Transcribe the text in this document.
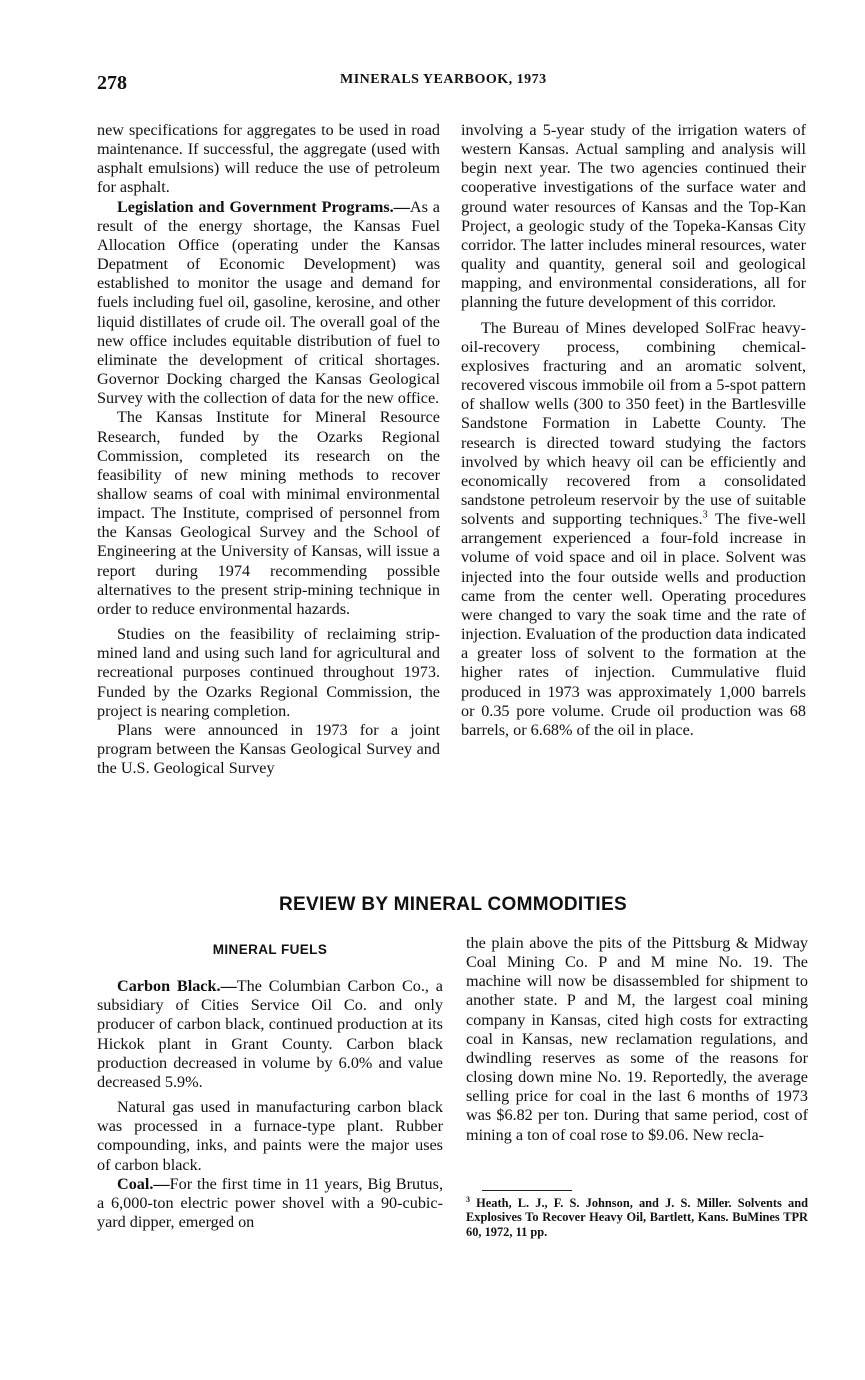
278	MINERALS YEARBOOK, 1973

new specifications for aggregates to be used in road maintenance. If successful, the aggregate (used with asphalt emulsions) will reduce the use of petroleum for asphalt.

Legislation and Government Programs.—As a result of the energy shortage, the Kansas Fuel Allocation Office (operating under the Kansas Depatment of Economic Development) was established to monitor the usage and demand for fuels including fuel oil, gasoline, kerosine, and other liquid distillates of crude oil. The overall goal of the new office includes equitable distribution of fuel to eliminate the development of critical shortages. Governor Docking charged the Kansas Geological Survey with the collection of data for the new office.

The Kansas Institute for Mineral Resource Research, funded by the Ozarks Regional Commission, completed its research on the feasibility of new mining methods to recover shallow seams of coal with minimal environmental impact. The Institute, comprised of personnel from the Kansas Geological Survey and the School of Engineering at the University of Kansas, will issue a report during 1974 recommending possible alternatives to the present strip-mining technique in order to reduce environmental hazards.

Studies on the feasibility of reclaiming strip-mined land and using such land for agricultural and recreational purposes continued throughout 1973. Funded by the Ozarks Regional Commission, the project is nearing completion.

Plans were announced in 1973 for a joint program between the Kansas Geological Survey and the U.S. Geological Survey

involving a 5-year study of the irrigation waters of western Kansas. Actual sampling and analysis will begin next year. The two agencies continued their cooperative investigations of the surface water and ground water resources of Kansas and the Top-Kan Project, a geologic study of the Topeka-Kansas City corridor. The latter includes mineral resources, water quality and quantity, general soil and geological mapping, and environmental considerations, all for planning the future development of this corridor.

The Bureau of Mines developed SolFrac heavy-oil-recovery process, combining chemical-explosives fracturing and an aromatic solvent, recovered viscous immobile oil from a 5-spot pattern of shallow wells (300 to 350 feet) in the Bartlesville Sandstone Formation in Labette County. The research is directed toward studying the factors involved by which heavy oil can be efficiently and economically recovered from a consolidated sandstone petroleum reservoir by the use of suitable solvents and supporting techniques.$^3$ The five-well arrangement experienced a four-fold increase in volume of void space and oil in place. Solvent was injected into the four outside wells and production came from the center well. Operating procedures were changed to vary the soak time and the rate of injection. Evaluation of the production data indicated a greater loss of solvent to the formation at the higher rates of injection. Cummulative fluid produced in 1973 was approximately 1,000 barrels or 0.35 pore volume. Crude oil production was 68 barrels, or 6.68% of the oil in place.

REVIEW BY MINERAL COMMODITIES

MINERAL FUELS

Carbon Black.—The Columbian Carbon Co., a subsidiary of Cities Service Oil Co. and only producer of carbon black, continued production at its Hickok plant in Grant County. Carbon black production decreased in volume by 6.0% and value decreased 5.9%.

Natural gas used in manufacturing carbon black was processed in a furnace-type plant. Rubber compounding, inks, and paints were the major uses of carbon black.

Coal.—For the first time in 11 years, Big Brutus, a 6,000-ton electric power shovel with a 90-cubic-yard dipper, emerged on

the plain above the pits of the Pittsburg & Midway Coal Mining Co. P and M mine No. 19. The machine will now be disassembled for shipment to another state. P and M, the largest coal mining company in Kansas, cited high costs for extracting coal in Kansas, new reclamation regulations, and dwindling reserves as some of the reasons for closing down mine No. 19. Reportedly, the average selling price for coal in the last 6 months of 1973 was $6.82 per ton. During that same period, cost of mining a ton of coal rose to $9.06. New recla-

$^3$ Heath, L. J., F. S. Johnson, and J. S. Miller. Solvents and Explosives To Recover Heavy Oil, Bartlett, Kans. BuMines TPR 60, 1972, 11 pp.
